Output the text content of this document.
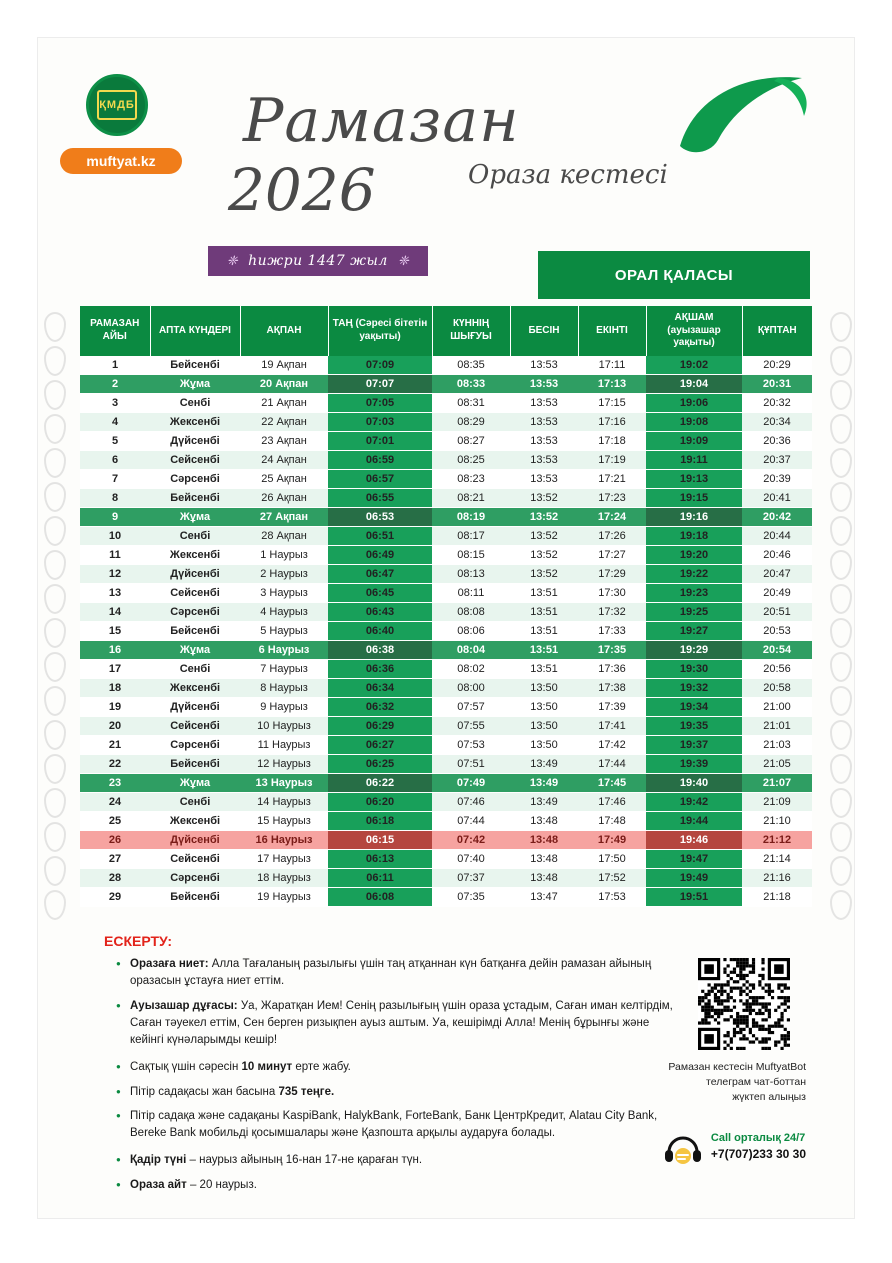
ҚМДБ
muftyat.kz
Рамазан
2026	Ораза кестесі
❈ һижри 1447 жыл ❈
ОРАЛ ҚАЛАСЫ
РАМАЗАН АЙЫ	АПТА КҮНДЕРІ	АҚПАН	ТАҢ (Сәресі бітетін уақыты)	КҮННІҢ ШЫҒУЫ	БЕСІН	ЕКІНТІ	АҚШАМ (ауызашар уақыты)	ҚҰПТАН
1	Бейсенбі	19 Ақпан	07:09	08:35	13:53	17:11	19:02	20:29
2	Жұма	20 Ақпан	07:07	08:33	13:53	17:13	19:04	20:31
3	Сенбі	21 Ақпан	07:05	08:31	13:53	17:15	19:06	20:32
4	Жексенбі	22 Ақпан	07:03	08:29	13:53	17:16	19:08	20:34
5	Дүйсенбі	23 Ақпан	07:01	08:27	13:53	17:18	19:09	20:36
6	Сейсенбі	24 Ақпан	06:59	08:25	13:53	17:19	19:11	20:37
7	Сәрсенбі	25 Ақпан	06:57	08:23	13:53	17:21	19:13	20:39
8	Бейсенбі	26 Ақпан	06:55	08:21	13:52	17:23	19:15	20:41
9	Жұма	27 Ақпан	06:53	08:19	13:52	17:24	19:16	20:42
10	Сенбі	28 Ақпан	06:51	08:17	13:52	17:26	19:18	20:44
11	Жексенбі	1 Наурыз	06:49	08:15	13:52	17:27	19:20	20:46
12	Дүйсенбі	2 Наурыз	06:47	08:13	13:52	17:29	19:22	20:47
13	Сейсенбі	3 Наурыз	06:45	08:11	13:51	17:30	19:23	20:49
14	Сәрсенбі	4 Наурыз	06:43	08:08	13:51	17:32	19:25	20:51
15	Бейсенбі	5 Наурыз	06:40	08:06	13:51	17:33	19:27	20:53
16	Жұма	6 Наурыз	06:38	08:04	13:51	17:35	19:29	20:54
17	Сенбі	7 Наурыз	06:36	08:02	13:51	17:36	19:30	20:56
18	Жексенбі	8 Наурыз	06:34	08:00	13:50	17:38	19:32	20:58
19	Дүйсенбі	9 Наурыз	06:32	07:57	13:50	17:39	19:34	21:00
20	Сейсенбі	10 Наурыз	06:29	07:55	13:50	17:41	19:35	21:01
21	Сәрсенбі	11 Наурыз	06:27	07:53	13:50	17:42	19:37	21:03
22	Бейсенбі	12 Наурыз	06:25	07:51	13:49	17:44	19:39	21:05
23	Жұма	13 Наурыз	06:22	07:49	13:49	17:45	19:40	21:07
24	Сенбі	14 Наурыз	06:20	07:46	13:49	17:46	19:42	21:09
25	Жексенбі	15 Наурыз	06:18	07:44	13:48	17:48	19:44	21:10
26	Дүйсенбі	16 Наурыз	06:15	07:42	13:48	17:49	19:46	21:12
27	Сейсенбі	17 Наурыз	06:13	07:40	13:48	17:50	19:47	21:14
28	Сәрсенбі	18 Наурыз	06:11	07:37	13:48	17:52	19:49	21:16
29	Бейсенбі	19 Наурыз	06:08	07:35	13:47	17:53	19:51	21:18
ЕСКЕРТУ:
● Оразаға ниет: Алла Тағаланың разылығы үшін таң атқаннан күн батқанға дейін рамазан айының оразасын ұстауға ниет еттім.
● Ауызашар дұғасы: Уа, Жаратқан Ием! Сенің разылығың үшін ораза ұстадым, Саған иман келтірдім, Саған тәуекел еттім, Сен берген ризықпен ауыз аштым. Уа, кешірімді Алла! Менің бұрынғы және кейінгі күнәларымды кешір!
● Сақтық үшін сәресін 10 минут ерте жабу.
● Пітір садақасы жан басына 735 теңге.
● Пітір садақа және садақаны KaspiBank, HalykBank, ForteBank, Банк ЦентрКредит, Alatau City Bank, Bereke Bank мобильді қосымшалары және Қазпошта арқылы аударуға болады.
● Қадір түні – наурыз айының 16-нан 17-не қараған түн.
● Ораза айт – 20 наурыз.
Рамазан кестесін MuftyatBot
телеграм чат-боттан
жүктеп алыңыз
Call орталық 24/7
+7(707)233 30 30
